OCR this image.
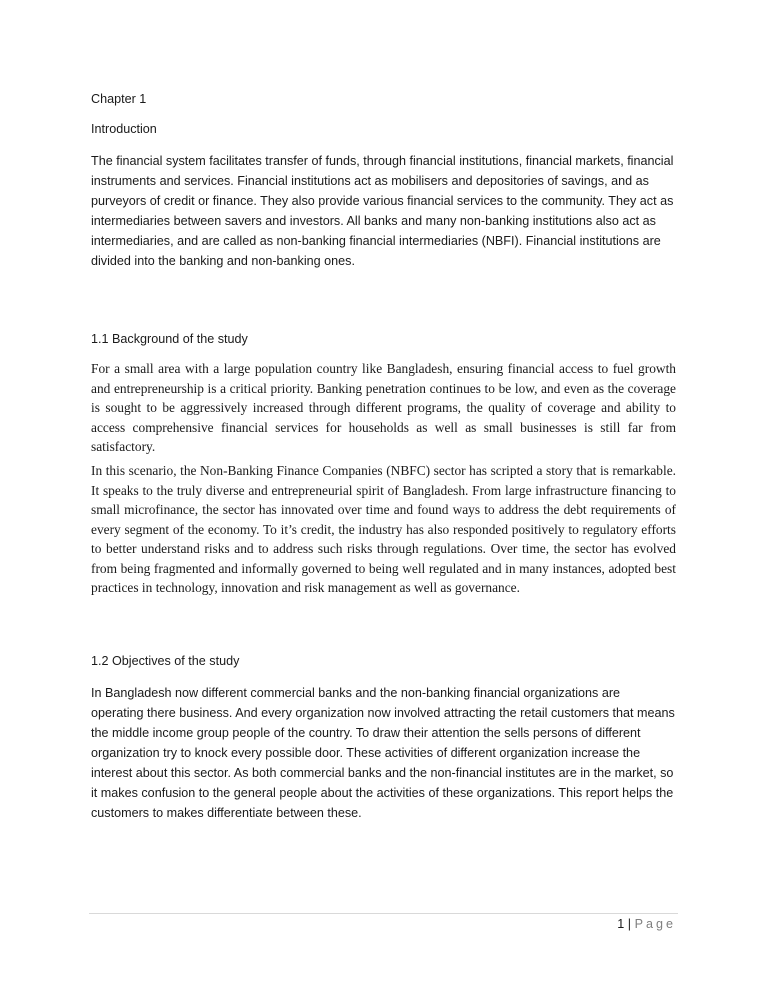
Chapter 1

Introduction

The financial system facilitates transfer of funds, through financial institutions, financial markets, financial instruments and services. Financial institutions act as mobilisers and depositories of savings, and as purveyors of credit or finance. They also provide various financial services to the community. They act as intermediaries between savers and investors. All banks and many non-banking institutions also act as intermediaries, and are called as non-banking financial intermediaries (NBFI). Financial institutions are divided into the banking and non-banking ones.

1.1 Background of the study

For a small area with a large population country like Bangladesh, ensuring financial access to fuel growth and entrepreneurship is a critical priority. Banking penetration continues to be low, and even as the coverage is sought to be aggressively increased through different programs, the quality of coverage and ability to access comprehensive financial services for households as well as small businesses is still far from satisfactory.

In this scenario, the Non-Banking Finance Companies (NBFC) sector has scripted a story that is remarkable. It speaks to the truly diverse and entrepreneurial spirit of Bangladesh. From large infrastructure financing to small microfinance, the sector has innovated over time and found ways to address the debt requirements of every segment of the economy. To it’s credit, the industry has also responded positively to regulatory efforts to better understand risks and to address such risks through regulations. Over time, the sector has evolved from being fragmented and informally governed to being well regulated and in many instances, adopted best practices in technology, innovation and risk management as well as governance.

1.2 Objectives of the study

In Bangladesh now different commercial banks and the non-banking financial organizations are operating there business. And every organization now involved attracting the retail customers that means the middle income group people of the country. To draw their attention the sells persons of different organization try to knock every possible door. These activities of different organization increase the interest about this sector. As both commercial banks and the non-financial institutes are in the market, so it makes confusion to the general people about the activities of these organizations. This report helps the customers to makes differentiate between these.

1 | Page
